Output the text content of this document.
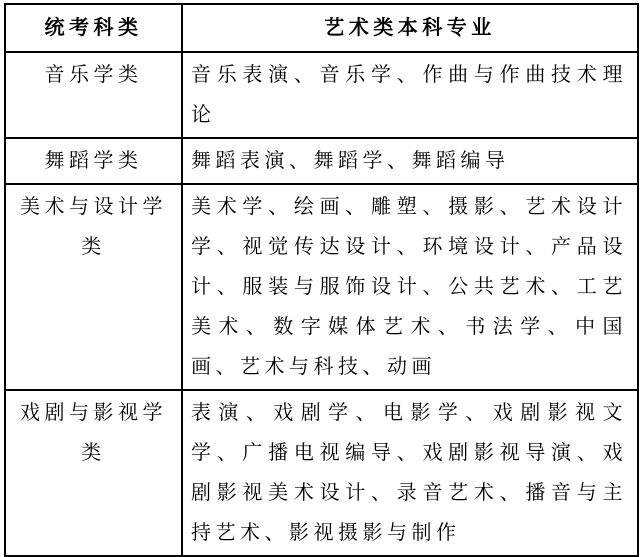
统考科类	艺术类本科专业
音乐学类	音乐表演、音乐学、作曲与作曲技术理论
舞蹈学类	舞蹈表演、舞蹈学、舞蹈编导
美术与设计学类	美术学、绘画、雕塑、摄影、艺术设计学、视觉传达设计、环境设计、产品设计、服装与服饰设计、公共艺术、工艺美术、数字媒体艺术、书法学、中国画、艺术与科技、动画
戏剧与影视学类	表演、戏剧学、电影学、戏剧影视文学、广播电视编导、戏剧影视导演、戏剧影视美术设计、录音艺术、播音与主持艺术、影视摄影与制作
